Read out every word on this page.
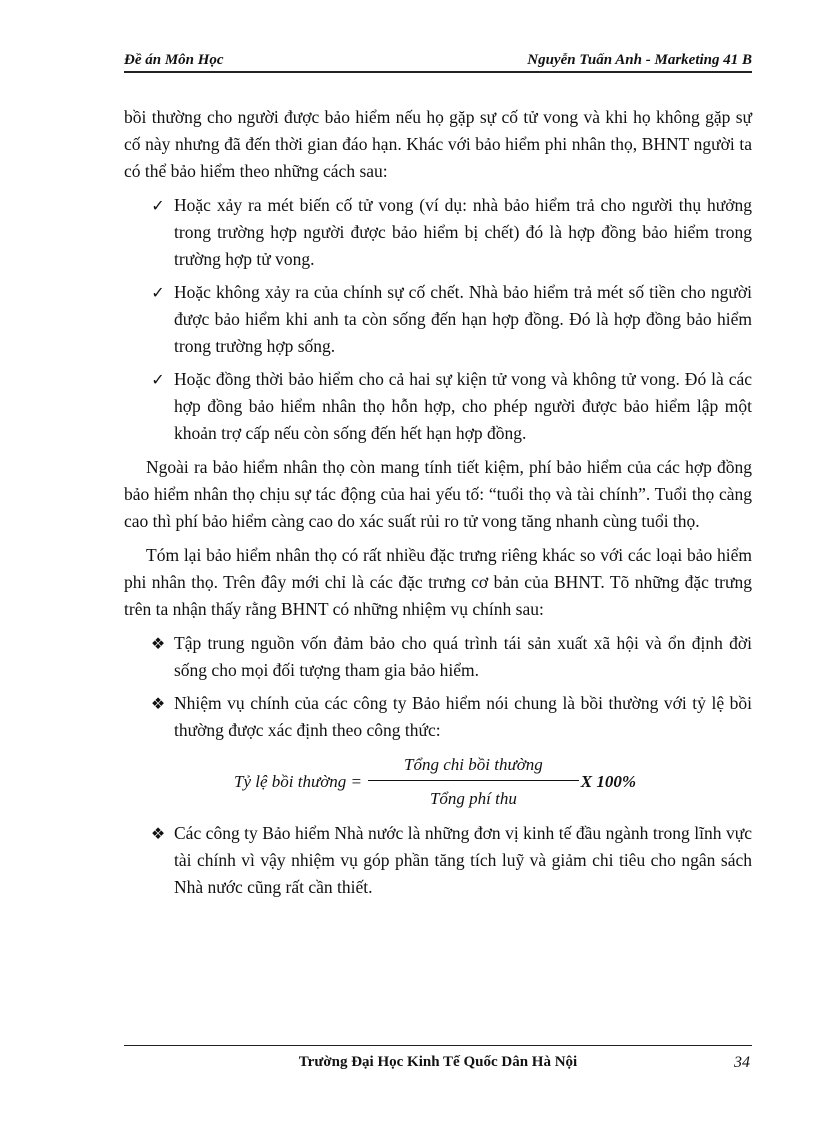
Đề án Môn Học	Nguyễn Tuấn Anh - Marketing 41 B

bồi thường cho người được bảo hiểm nếu họ gặp sự cố tử vong và khi họ không gặp sự cố này nhưng đã đến thời gian đáo hạn. Khác với bảo hiểm phi nhân thọ, BHNT người ta có thể bảo hiểm theo những cách sau:

✓ Hoặc xảy ra mét biến cố tử vong (ví dụ: nhà bảo hiểm trả cho người thụ hưởng trong trường hợp người được bảo hiểm bị chết) đó là hợp đồng bảo hiểm trong trường hợp tử vong.
✓ Hoặc không xảy ra của chính sự cố chết. Nhà bảo hiểm trả mét số tiền cho người được bảo hiểm khi anh ta còn sống đến hạn hợp đồng. Đó là hợp đồng bảo hiểm trong trường hợp sống.
✓ Hoặc đồng thời bảo hiểm cho cả hai sự kiện tử vong và không tử vong. Đó là các hợp đồng bảo hiểm nhân thọ hỗn hợp, cho phép người được bảo hiểm lập một khoản trợ cấp nếu còn sống đến hết hạn hợp đồng.

Ngoài ra bảo hiểm nhân thọ còn mang tính tiết kiệm, phí bảo hiểm của các hợp đồng bảo hiểm nhân thọ chịu sự tác động của hai yếu tố: “tuổi thọ và tài chính”. Tuổi thọ càng cao thì phí bảo hiểm càng cao do xác suất rủi ro tử vong tăng nhanh cùng tuổi thọ.

Tóm lại bảo hiểm nhân thọ có rất nhiều đặc trưng riêng khác so với các loại bảo hiểm phi nhân thọ. Trên đây mới chỉ là các đặc trưng cơ bản của BHNT. Tõ những đặc trưng trên ta nhận thấy rằng BHNT có những nhiệm vụ chính sau:

❖ Tập trung nguồn vốn đảm bảo cho quá trình tái sản xuất xã hội và ổn định đời sống cho mọi đối tượng tham gia bảo hiểm.
❖ Nhiệm vụ chính của các công ty Bảo hiểm nói chung là bồi thường với tỷ lệ bồi thường được xác định theo công thức:
Tỷ lệ bồi thường = $\frac{\text{Tổng chi bồi thường}}{\text{Tổng phí thu}}$ X 100%
❖ Các công ty Bảo hiểm Nhà nước là những đơn vị kinh tế đầu ngành trong lĩnh vực tài chính vì vậy nhiệm vụ góp phần tăng tích luỹ và giảm chi tiêu cho ngân sách Nhà nước cũng rất cần thiết.
Trường Đại Học Kinh Tế Quốc Dân Hà Nội	34
